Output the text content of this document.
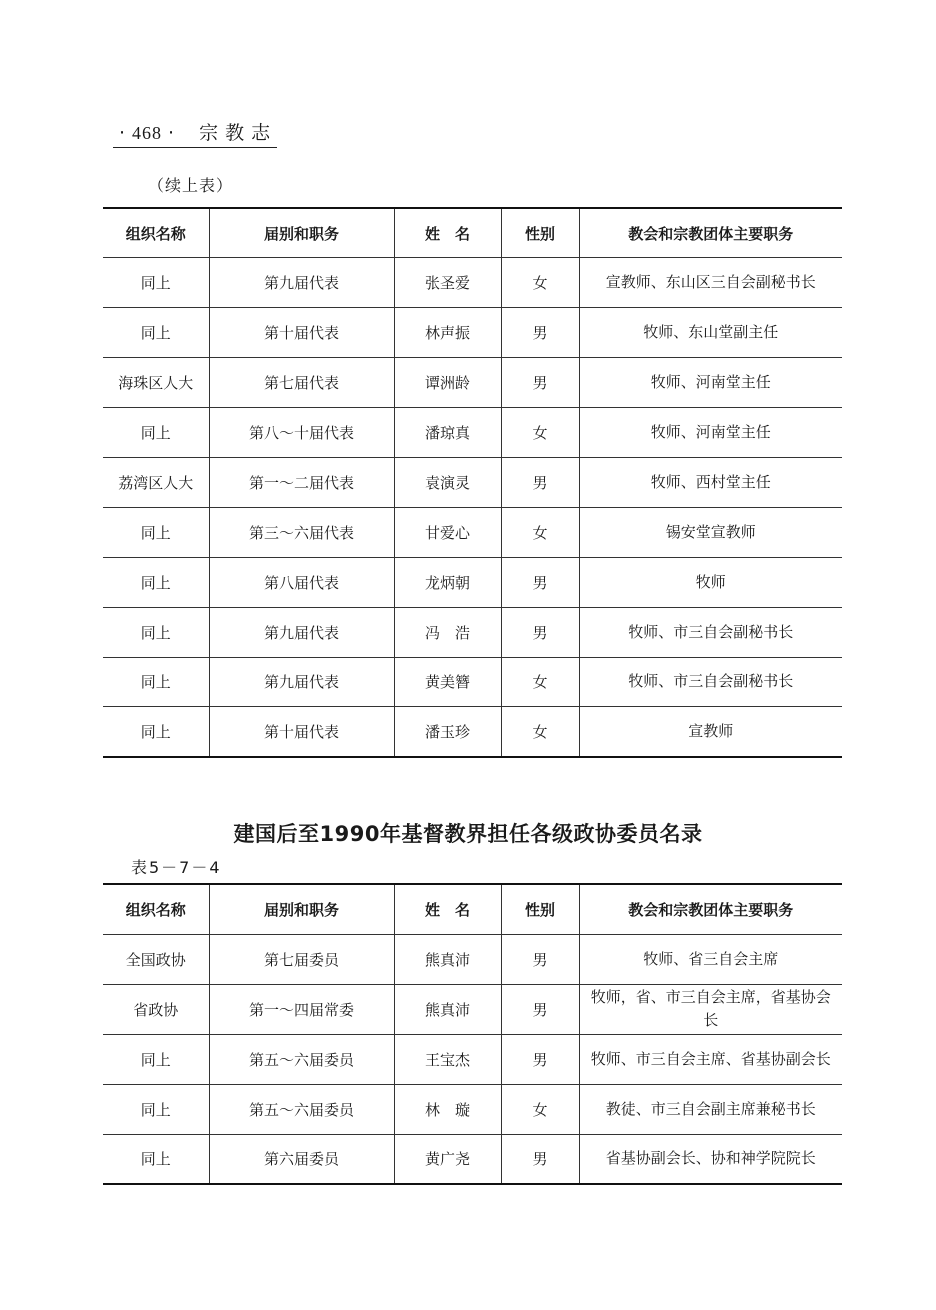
· 468 · 宗教志
（续上表）
组织名称	届别和职务	姓　名	性别	教会和宗教团体主要职务
同上	第九届代表	张圣爱	女	宣教师、东山区三自会副秘书长
同上	第十届代表	林声振	男	牧师、东山堂副主任
海珠区人大	第七届代表	谭洲龄	男	牧师、河南堂主任
同上	第八～十届代表	潘琼真	女	牧师、河南堂主任
荔湾区人大	第一～二届代表	袁演灵	男	牧师、西村堂主任
同上	第三～六届代表	甘爱心	女	锡安堂宣教师
同上	第八届代表	龙炳朝	男	牧师
同上	第九届代表	冯　浩	男	牧师、市三自会副秘书长
同上	第九届代表	黄美簪	女	牧师、市三自会副秘书长
同上	第十届代表	潘玉珍	女	宣教师
建国后至1990年基督教界担任各级政协委员名录
表5－7－4
组织名称	届别和职务	姓　名	性别	教会和宗教团体主要职务
全国政协	第七届委员	熊真沛	男	牧师、省三自会主席
省政协	第一～四届常委	熊真沛	男	牧师，省、市三自会主席，省基协会长
同上	第五～六届委员	王宝杰	男	牧师、市三自会主席、省基协副会长
同上	第五～六届委员	林　璇	女	教徒、市三自会副主席兼秘书长
同上	第六届委员	黄广尧	男	省基协副会长、协和神学院院长
